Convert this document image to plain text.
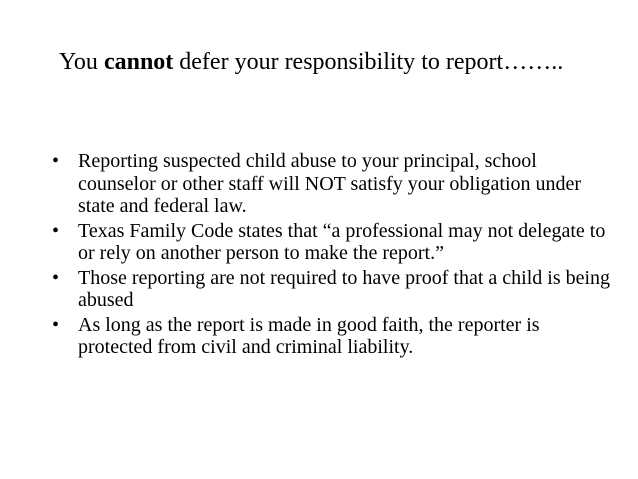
You cannot defer your responsibility to report……..
• Reporting suspected child abuse to your principal, school counselor or other staff will NOT satisfy your obligation under state and federal law.
• Texas Family Code states that “a professional may not delegate to or rely on another person to make the report.”
• Those reporting are not required to have proof that a child is being abused
• As long as the report is made in good faith, the reporter is protected from civil and criminal liability.
